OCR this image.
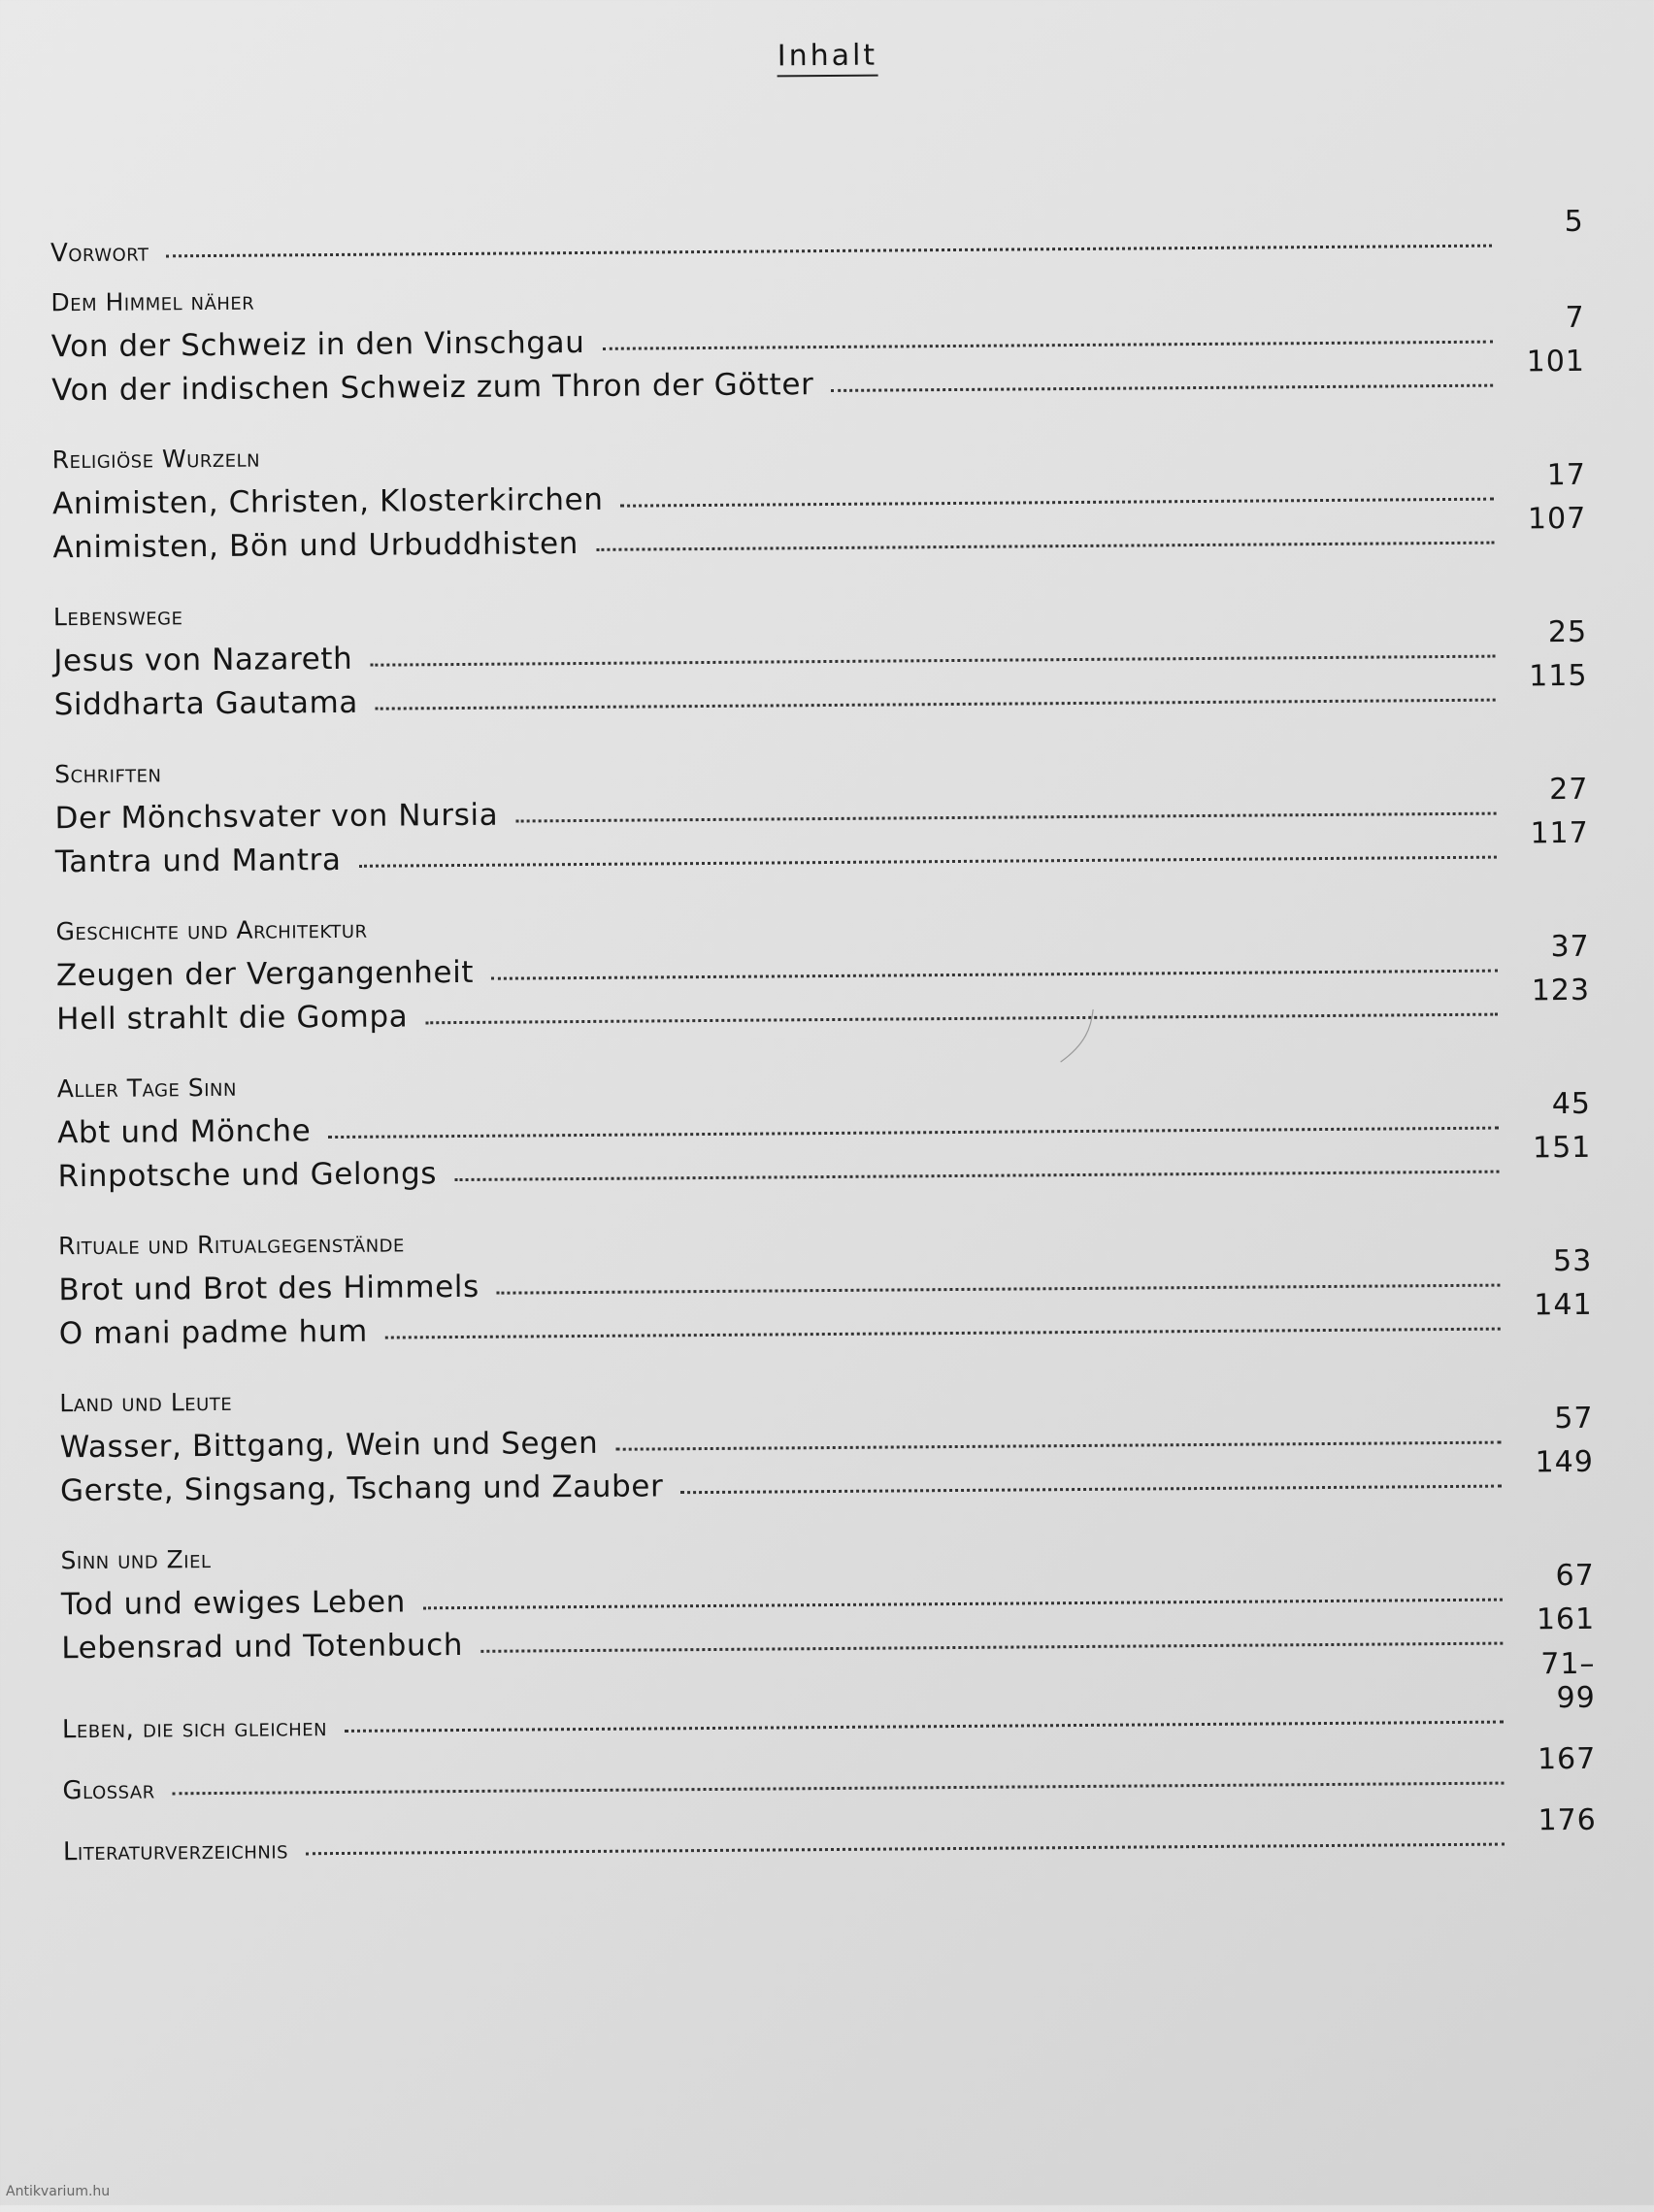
Inhalt
Vorwort
5
Dem Himmel näher
Von der Schweiz in den Vinschgau
7
Von der indischen Schweiz zum Thron der Götter
101
Religiöse Wurzeln
Animisten, Christen, Klosterkirchen
17
Animisten, Bön und Urbuddhisten
107
Lebenswege
Jesus von Nazareth
25
Siddharta Gautama
115
Schriften
Der Mönchsvater von Nursia
27
Tantra und Mantra
117
Geschichte und Architektur
Zeugen der Vergangenheit
37
Hell strahlt die Gompa
123
Aller Tage Sinn
Abt und Mönche
45
Rinpotsche und Gelongs
151
Rituale und Ritualgegenstände
Brot und Brot des Himmels
53
O mani padme hum
141
Land und Leute
Wasser, Bittgang, Wein und Segen
57
Gerste, Singsang, Tschang und Zauber
149
Sinn und Ziel
Tod und ewiges Leben
67
Lebensrad und Totenbuch
161
Leben, die sich gleichen
71–99
Glossar
167
Literaturverzeichnis
176
Antikvarium.hu
